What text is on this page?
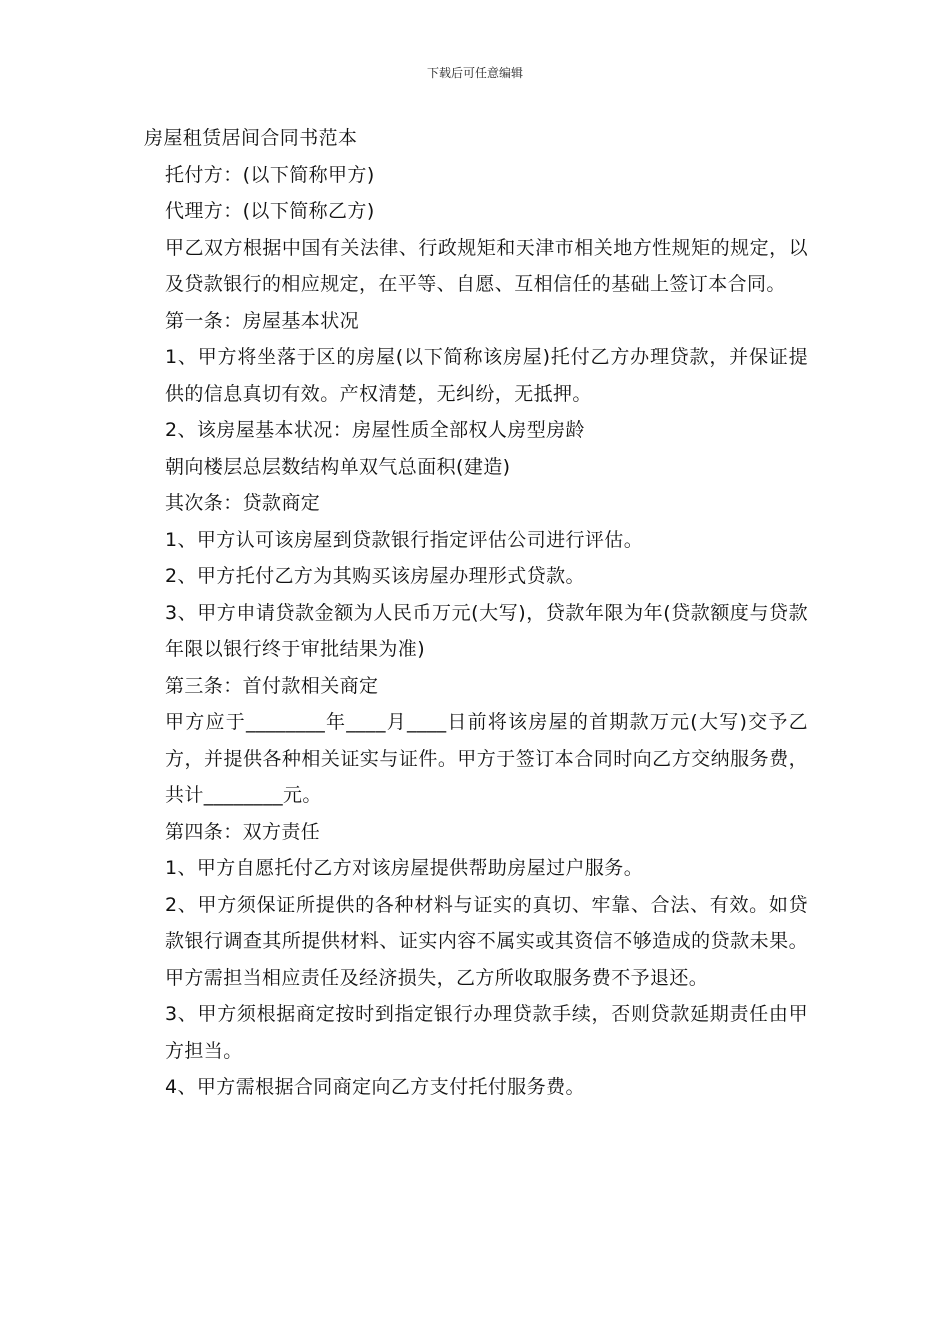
下载后可任意编辑

房屋租赁居间合同书范本

托付方：(以下简称甲方)

代理方：(以下简称乙方)

甲乙双方根据中国有关法律、行政规矩和天津市相关地方性规矩的规定，以及贷款银行的相应规定，在平等、自愿、互相信任的基础上签订本合同。

第一条：房屋基本状况

1、甲方将坐落于区的房屋(以下简称该房屋)托付乙方办理贷款，并保证提供的信息真切有效。产权清楚，无纠纷，无抵押。

2、该房屋基本状况：房屋性质全部权人房型房龄

朝向楼层总层数结构单双气总面积(建造)

其次条：贷款商定

1、甲方认可该房屋到贷款银行指定评估公司进行评估。

2、甲方托付乙方为其购买该房屋办理形式贷款。

3、甲方申请贷款金额为人民币万元(大写)，贷款年限为年(贷款额度与贷款年限以银行终于审批结果为准)

第三条：首付款相关商定

甲方应于________年____月____日前将该房屋的首期款万元(大写)交予乙方，并提供各种相关证实与证件。甲方于签订本合同时向乙方交纳服务费，共计________元。

第四条：双方责任

1、甲方自愿托付乙方对该房屋提供帮助房屋过户服务。

2、甲方须保证所提供的各种材料与证实的真切、牢靠、合法、有效。如贷款银行调查其所提供材料、证实内容不属实或其资信不够造成的贷款未果。甲方需担当相应责任及经济损失，乙方所收取服务费不予退还。

3、甲方须根据商定按时到指定银行办理贷款手续，否则贷款延期责任由甲方担当。

4、甲方需根据合同商定向乙方支付托付服务费。
